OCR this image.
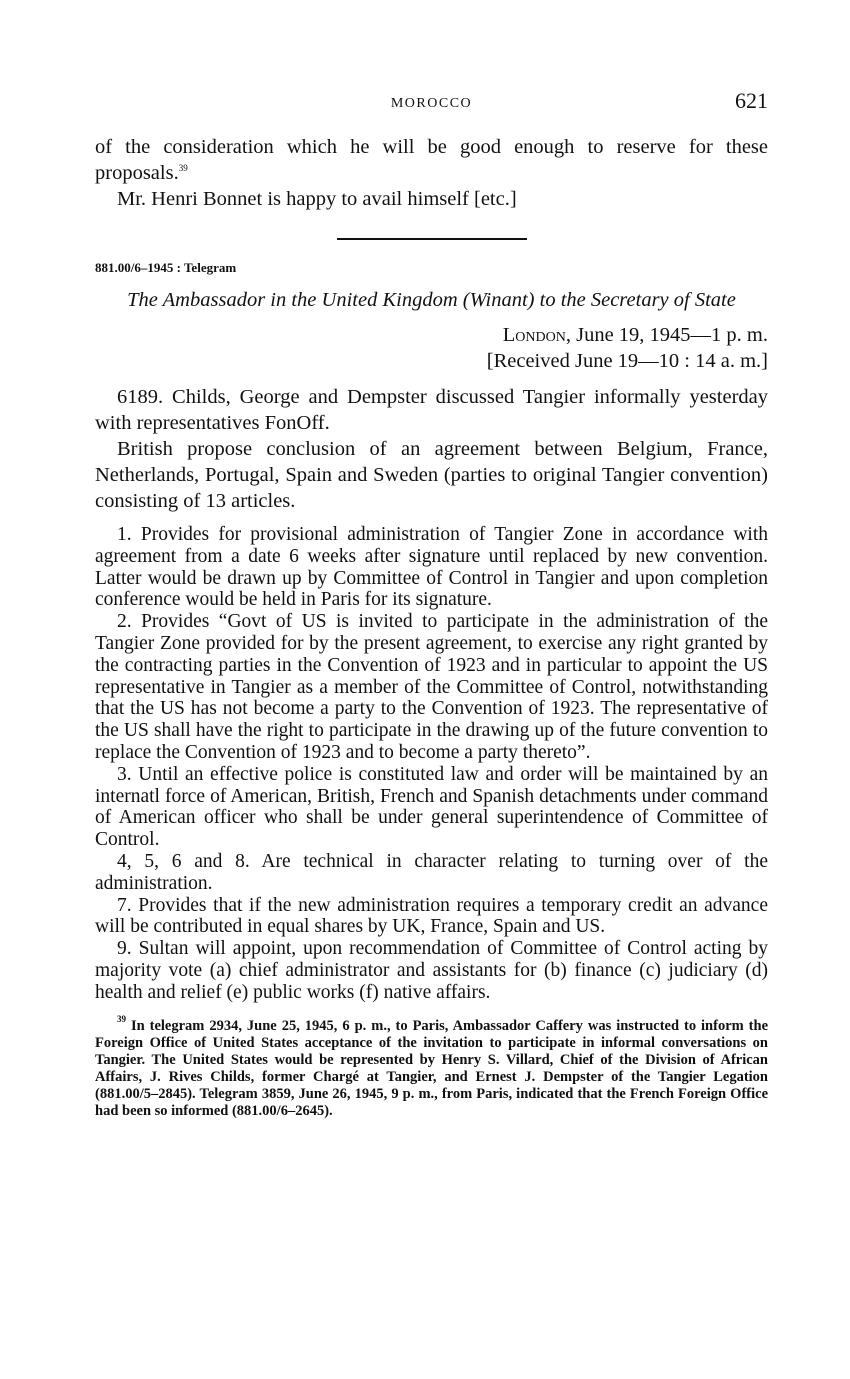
MOROCCO	621

of the consideration which he will be good enough to reserve for these proposals.$^{39}$

Mr. Henri Bonnet is happy to avail himself [etc.]

881.00/6–1945 : Telegram
The Ambassador in the United Kingdom (Winant) to the Secretary of State
London, June 19, 1945—1 p. m.
[Received June 19—10 : 14 a. m.]

6189. Childs, George and Dempster discussed Tangier informally yesterday with representatives FonOff.

British propose conclusion of an agreement between Belgium, France, Netherlands, Portugal, Spain and Sweden (parties to original Tangier convention) consisting of 13 articles.

1. Provides for provisional administration of Tangier Zone in accordance with agreement from a date 6 weeks after signature until replaced by new convention. Latter would be drawn up by Committee of Control in Tangier and upon completion conference would be held in Paris for its signature.

2. Provides “Govt of US is invited to participate in the administration of the Tangier Zone provided for by the present agreement, to exercise any right granted by the contracting parties in the Convention of 1923 and in particular to appoint the US representative in Tangier as a member of the Committee of Control, notwithstanding that the US has not become a party to the Convention of 1923. The representative of the US shall have the right to participate in the drawing up of the future convention to replace the Convention of 1923 and to become a party thereto”.

3. Until an effective police is constituted law and order will be maintained by an internatl force of American, British, French and Spanish detachments under command of American officer who shall be under general superintendence of Committee of Control.

4, 5, 6 and 8. Are technical in character relating to turning over of the administration.

7. Provides that if the new administration requires a temporary credit an advance will be contributed in equal shares by UK, France, Spain and US.

9. Sultan will appoint, upon recommendation of Committee of Control acting by majority vote (a) chief administrator and assistants for (b) finance (c) judiciary (d) health and relief (e) public works (f) native affairs.

$^{39}$ In telegram 2934, June 25, 1945, 6 p. m., to Paris, Ambassador Caffery was instructed to inform the Foreign Office of United States acceptance of the invitation to participate in informal conversations on Tangier. The United States would be represented by Henry S. Villard, Chief of the Division of African Affairs, J. Rives Childs, former Chargé at Tangier, and Ernest J. Dempster of the Tangier Legation (881.00/5–2845). Telegram 3859, June 26, 1945, 9 p. m., from Paris, indicated that the French Foreign Office had been so informed (881.00/6–2645).
